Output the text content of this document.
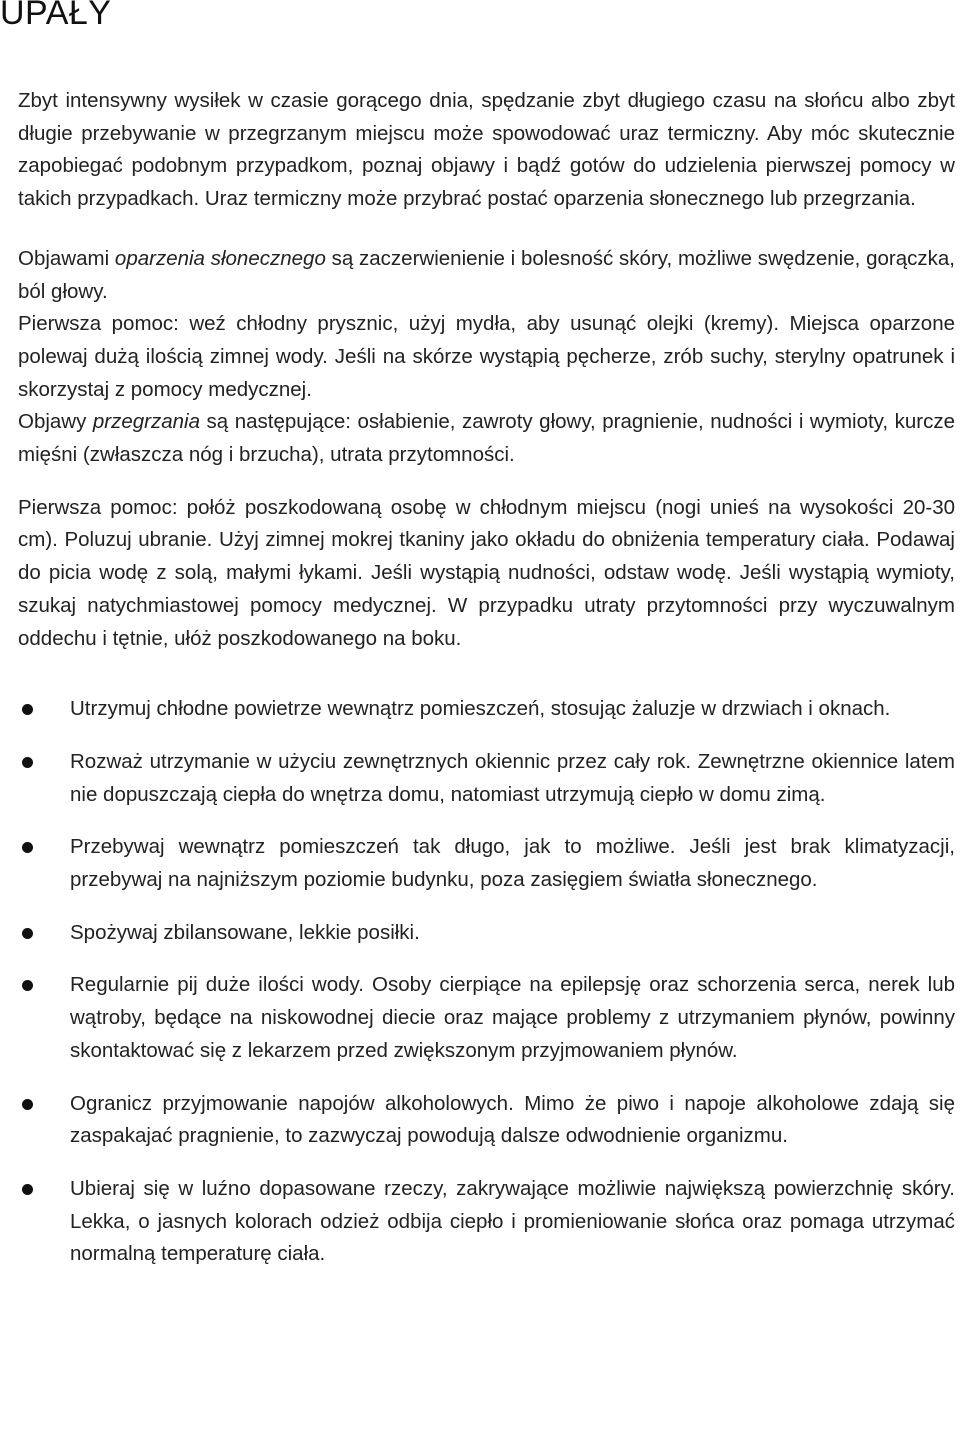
UPAŁY

Zbyt intensywny wysiłek w czasie gorącego dnia, spędzanie zbyt długiego czasu na słońcu albo zbyt długie przebywanie w przegrzanym miejscu może spowodować uraz termiczny. Aby móc skutecznie zapobiegać podobnym przypadkom, poznaj objawy i bądź gotów do udzielenia pierwszej pomocy w takich przypadkach. Uraz termiczny może przybrać postać oparzenia słonecznego lub przegrzania.

Objawami oparzenia słonecznego są zaczerwienienie i bolesność skóry, możliwe swędzenie, gorączka, ból głowy.

Pierwsza pomoc: weź chłodny prysznic, użyj mydła, aby usunąć olejki (kremy). Miejsca oparzone polewaj dużą ilością zimnej wody. Jeśli na skórze wystąpią pęcherze, zrób suchy, sterylny opatrunek i skorzystaj z pomocy medycznej.

Objawy przegrzania są następujące: osłabienie, zawroty głowy, pragnienie, nudności i wymioty, kurcze mięśni (zwłaszcza nóg i brzucha), utrata przytomności.

Pierwsza pomoc: połóż poszkodowaną osobę w chłodnym miejscu (nogi unieś na wysokości 20-30 cm). Poluzuj ubranie. Użyj zimnej mokrej tkaniny jako okładu do obniżenia temperatury ciała. Podawaj do picia wodę z solą, małymi łykami. Jeśli wystąpią nudności, odstaw wodę. Jeśli wystąpią wymioty, szukaj natychmiastowej pomocy medycznej. W przypadku utraty przytomności przy wyczuwalnym oddechu i tętnie, ułóż poszkodowanego na boku.

Utrzymuj chłodne powietrze wewnątrz pomieszczeń, stosując żaluzje w drzwiach i oknach.
Rozważ utrzymanie w użyciu zewnętrznych okiennic przez cały rok. Zewnętrzne okiennice latem nie dopuszczają ciepła do wnętrza domu, natomiast utrzymują ciepło w domu zimą.
Przebywaj wewnątrz pomieszczeń tak długo, jak to możliwe. Jeśli jest brak klimatyzacji, przebywaj na najniższym poziomie budynku, poza zasięgiem światła słonecznego.
Spożywaj zbilansowane, lekkie posiłki.
Regularnie pij duże ilości wody. Osoby cierpiące na epilepsję oraz schorzenia serca, nerek lub wątroby, będące na niskowodnej diecie oraz mające problemy z utrzymaniem płynów, powinny skontaktować się z lekarzem przed zwiększonym przyjmowaniem płynów.
Ogranicz przyjmowanie napojów alkoholowych. Mimo że piwo i napoje alkoholowe zdają się zaspakajać pragnienie, to zazwyczaj powodują dalsze odwodnienie organizmu.
Ubieraj się w luźno dopasowane rzeczy, zakrywające możliwie największą powierzchnię skóry. Lekka, o jasnych kolorach odzież odbija ciepło i promieniowanie słońca oraz pomaga utrzymać normalną temperaturę ciała.
